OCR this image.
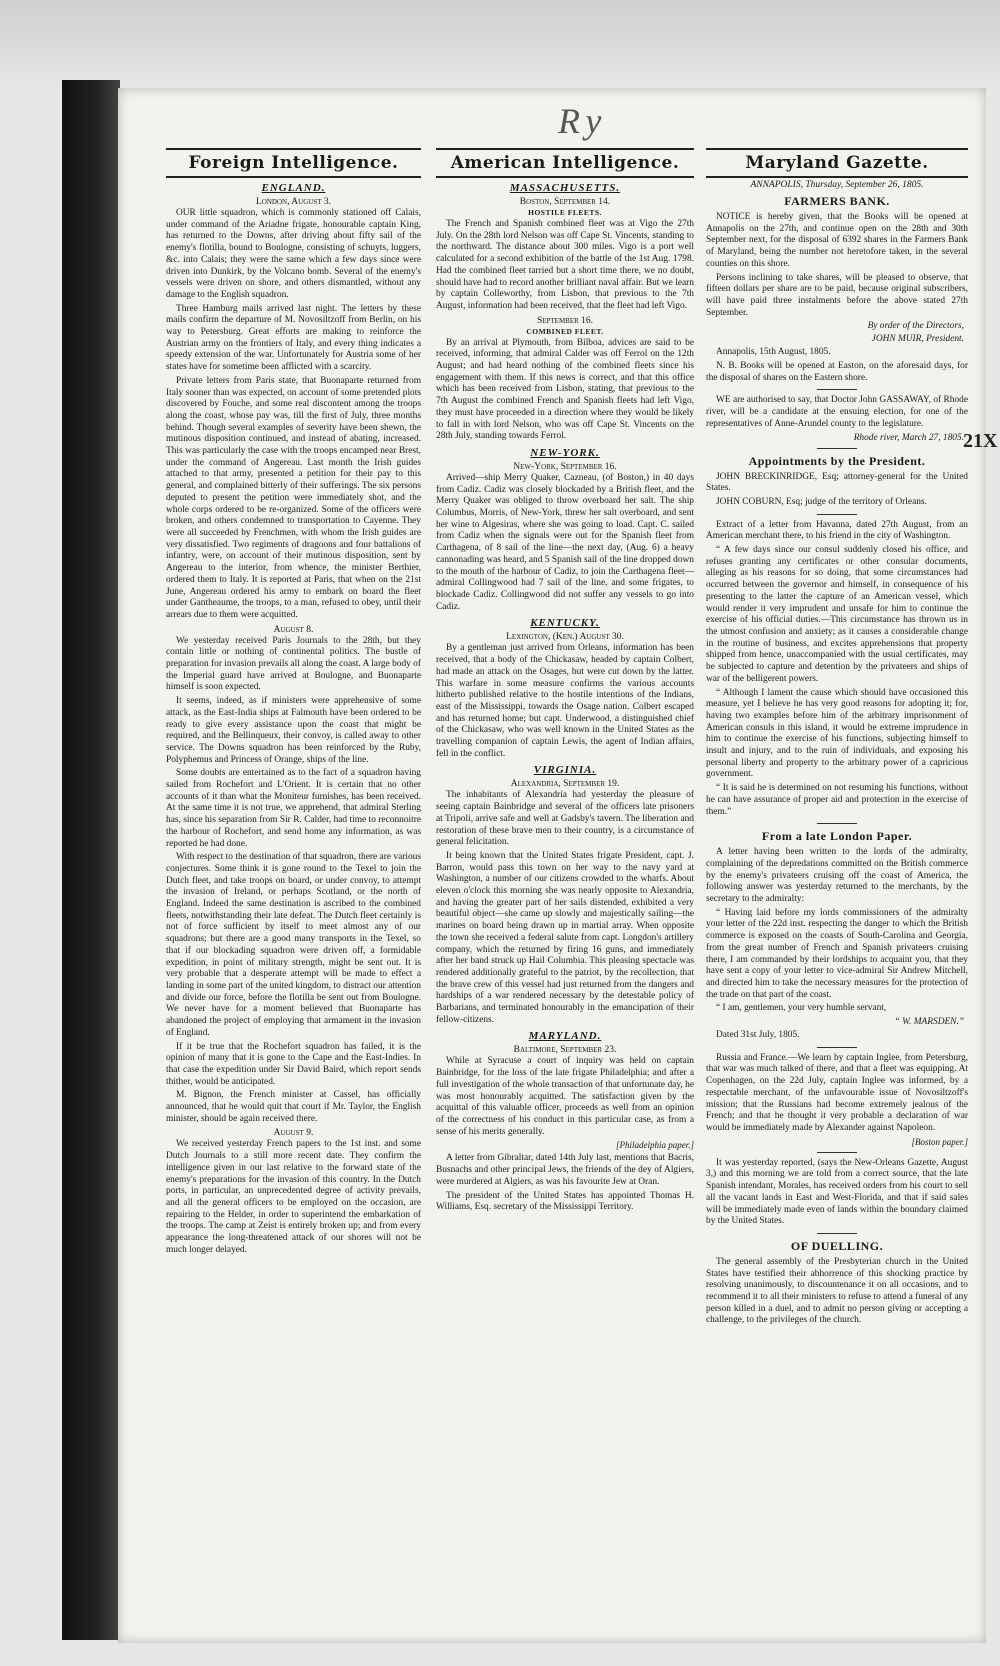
Ry
21X
Foreign Intelligence.
ENGLAND.
London, August 3.

OUR little squadron, which is commonly stationed off Calais, under command of the Ariadne frigate, honourable captain King, has returned to the Downs, after driving about fifty sail of the enemy's flotilla, bound to Boulogne, consisting of schuyts, luggers, &c. into Calais; they were the same which a few days since were driven into Dunkirk, by the Volcano bomb. Several of the enemy's vessels were driven on shore, and others dismantled, without any damage to the English squadron.

Three Hamburg mails arrived last night. The letters by these mails confirm the departure of M. Novosiltzoff from Berlin, on his way to Petersburg. Great efforts are making to reinforce the Austrian army on the frontiers of Italy, and every thing indicates a speedy extension of the war. Unfortunately for Austria some of her states have for sometime been afflicted with a scarcity.

Private letters from Paris state, that Buonaparte returned from Italy sooner than was expected, on account of some pretended plots discovered by Fouche, and some real discontent among the troops along the coast, whose pay was, till the first of July, three months behind. Though several examples of severity have been shewn, the mutinous disposition continued, and instead of abating, increased. This was particularly the case with the troops encamped near Brest, under the command of Angereau. Last month the Irish guides attached to that army, presented a petition for their pay to this general, and complained bitterly of their sufferings. The six persons deputed to present the petition were immediately shot, and the whole corps ordered to be re-organized. Some of the officers were broken, and others condemned to transportation to Cayenne. They were all succeeded by Frenchmen, with whom the Irish guides are very dissatisfied. Two regiments of dragoons and four battalions of infantry, were, on account of their mutinous disposition, sent by Angereau to the interior, from whence, the minister Berthier, ordered them to Italy. It is reported at Paris, that when on the 21st June, Angereau ordered his army to embark on board the fleet under Gantheaume, the troops, to a man, refused to obey, until their arrears due to them were acquitted.

August 8.

We yesterday received Paris Journals to the 28th, but they contain little or nothing of continental politics. The bustle of preparation for invasion prevails all along the coast. A large body of the Imperial guard have arrived at Boulogne, and Buonaparte himself is soon expected.

It seems, indeed, as if ministers were apprehensive of some attack, as the East-India ships at Falmouth have been ordered to be ready to give every assistance upon the coast that might be required, and the Bellinqueux, their convoy, is called away to other service. The Downs squadron has been reinforced by the Ruby, Polyphemus and Princess of Orange, ships of the line.

Some doubts are entertained as to the fact of a squadron having sailed from Rochefort and L'Orient. It is certain that no other accounts of it than what the Moniteur furnishes, has been received. At the same time it is not true, we apprehend, that admiral Sterling has, since his separation from Sir R. Calder, had time to reconnoitre the harbour of Rochefort, and send home any information, as was reported he had done.

With respect to the destination of that squadron, there are various conjectures. Some think it is gone round to the Texel to join the Dutch fleet, and take troops on board, or under convoy, to attempt the invasion of Ireland, or perhaps Scotland, or the north of England. Indeed the same destination is ascribed to the combined fleets, notwithstanding their late defeat. The Dutch fleet certainly is not of force sufficient by itself to meet almost any of our squadrons; but there are a good many transports in the Texel, so that if our blockading squadron were driven off, a formidable expedition, in point of military strength, might be sent out. It is very probable that a desperate attempt will be made to effect a landing in some part of the united kingdom, to distract our attention and divide our force, before the flotilla be sent out from Boulogne. We never have for a moment believed that Buonaparte has abandoned the project of employing that armament in the invasion of England.

If it be true that the Rochefort squadron has failed, it is the opinion of many that it is gone to the Cape and the East-Indies. In that case the expedition under Sir David Baird, which report sends thither, would be anticipated.

M. Bignon, the French minister at Cassel, has officially announced, that he would quit that court if Mr. Taylor, the English minister, should be again received there.

August 9.

We received yesterday French papers to the 1st inst. and some Dutch Journals to a still more recent date. They confirm the intelligence given in our last relative to the forward state of the enemy's preparations for the invasion of this country. In the Dutch ports, in particular, an unprecedented degree of activity prevails, and all the general officers to be employed on the occasion, are repairing to the Helder, in order to superintend the embarkation of the troops. The camp at Zeist is entirely broken up; and from every appearance the long-threatened attack of our shores will not be much longer delayed.

American Intelligence.
MASSACHUSETTS.
Boston, September 14.
HOSTILE FLEETS.

The French and Spanish combined fleet was at Vigo the 27th July. On the 28th lord Nelson was off Cape St. Vincents, standing to the northward. The distance about 300 miles. Vigo is a port well calculated for a second exhibition of the battle of the 1st Aug. 1798. Had the combined fleet tarried but a short time there, we no doubt, should have had to record another brilliant naval affair. But we learn by captain Colleworthy, from Lisbon, that previous to the 7th August, information had been received, that the fleet had left Vigo.

September 16.
COMBINED FLEET.

By an arrival at Plymouth, from Bilboa, advices are said to be received, informing, that admiral Calder was off Ferrol on the 12th August; and had heard nothing of the combined fleets since his engagement with them. If this news is correct, and that this office which has been received from Lisbon, stating, that previous to the 7th August the combined French and Spanish fleets had left Vigo, they must have proceeded in a direction where they would be likely to fall in with lord Nelson, who was off Cape St. Vincents on the 28th July, standing towards Ferrol.

NEW-YORK.
New-York, September 16.

Arrived—ship Merry Quaker, Cazneau, (of Boston,) in 40 days from Cadiz. Cadiz was closely blockaded by a British fleet, and the Merry Quaker was obliged to throw overboard her salt. The ship Columbus, Morris, of New-York, threw her salt overboard, and sent her wine to Algesiras, where she was going to load. Capt. C. sailed from Cadiz when the signals were out for the Spanish fleet from Carthagena, of 8 sail of the line—the next day, (Aug. 6) a heavy cannonading was heard, and 5 Spanish sail of the line dropped down to the mouth of the harbour of Cadiz, to join the Carthagena fleet—admiral Collingwood had 7 sail of the line, and some frigates, to blockade Cadiz. Collingwood did not suffer any vessels to go into Cadiz.

KENTUCKY.
Lexington, (Ken.) August 30.

By a gentleman just arrived from Orleans, information has been received, that a body of the Chickasaw, headed by captain Colbert, had made an attack on the Osages, but were cut down by the latter. This warfare in some measure confirms the various accounts hitherto published relative to the hostile intentions of the Indians, east of the Mississippi, towards the Osage nation. Colbert escaped and has returned home; but capt. Underwood, a distinguished chief of the Chickasaw, who was well known in the United States as the travelling companion of captain Lewis, the agent of Indian affairs, fell in the conflict.

VIRGINIA.
Alexandria, September 19.

The inhabitants of Alexandria had yesterday the pleasure of seeing captain Bainbridge and several of the officers late prisoners at Tripoli, arrive safe and well at Gadsby's tavern. The liberation and restoration of these brave men to their country, is a circumstance of general felicitation.

It being known that the United States frigate President, capt. J. Barron, would pass this town on her way to the navy yard at Washington, a number of our citizens crowded to the wharfs. About eleven o'clock this morning she was nearly opposite to Alexandria, and having the greater part of her sails distended, exhibited a very beautiful object—she came up slowly and majestically sailing—the marines on board being drawn up in martial array. When opposite the town she received a federal salute from capt. Longdon's artillery company, which the returned by firing 16 guns, and immediately after her band struck up Hail Columbia. This pleasing spectacle was rendered additionally grateful to the patriot, by the recollection, that the brave crew of this vessel had just returned from the dangers and hardships of a war rendered necessary by the detestable policy of Barbarians, and terminated honourably in the emancipation of their fellow-citizens.

MARYLAND.
Baltimore, September 23.

While at Syracuse a court of inquiry was held on captain Bainbridge, for the loss of the late frigate Philadelphia; and after a full investigation of the whole transaction of that unfortunate day, he was most honourably acquitted. The satisfaction given by the acquittal of this valuable officer, proceeds as well from an opinion of the correctness of his conduct in this particular case, as from a sense of his merits generally.

[Philadelphia paper.]

A letter from Gibraltar, dated 14th July last, mentions that Bacris, Busnachs and other principal Jews, the friends of the dey of Algiers, were murdered at Algiers, as was his favourite Jew at Oran.

The president of the United States has appointed Thomas H. Williams, Esq. secretary of the Mississippi Territory.

Maryland Gazette.
ANNAPOLIS, Thursday, September 26, 1805.
FARMERS BANK.

NOTICE is hereby given, that the Books will be opened at Annapolis on the 27th, and continue open on the 28th and 30th September next, for the disposal of 6392 shares in the Farmers Bank of Maryland, being the number not heretofore taken, in the several counties on this shore.

Persons inclining to take shares, will be pleased to observe, that fifteen dollars per share are to be paid, because original subscribers, will have paid three instalments before the above stated 27th September.

By order of the Directors,
JOHN MUIR, President.

Annapolis, 15th August, 1805.

N. B. Books will be opened at Easton, on the aforesaid days, for the disposal of shares on the Eastern shore.

WE are authorised to say, that Doctor John GASSAWAY, of Rhode river, will be a candidate at the ensuing election, for one of the representatives of Anne-Arundel county to the legislature.

Rhode river, March 27, 1805.
Appointments by the President.

JOHN BRECKINRIDGE, Esq; attorney-general for the United States.

JOHN COBURN, Esq; judge of the territory of Orleans.

Extract of a letter from Havanna, dated 27th August, from an American merchant there, to his friend in the city of Washington.

“ A few days since our consul suddenly closed his office, and refuses granting any certificates or other consular documents, alleging as his reasons for so doing, that some circumstances had occurred between the governor and himself, in consequence of his presenting to the latter the capture of an American vessel, which would render it very imprudent and unsafe for him to continue the exercise of his official duties.—This circumstance has thrown us in the utmost confusion and anxiety; as it causes a considerable change in the routine of business, and excites apprehensions that property shipped from hence, unaccompanied with the usual certificates, may be subjected to capture and detention by the privateers and ships of war of the belligerent powers.

“ Although I lament the cause which should have occasioned this measure, yet I believe he has very good reasons for adopting it; for, having two examples before him of the arbitrary imprisonment of American consuls in this island, it would be extreme imprudence in him to continue the exercise of his functions, subjecting himself to insult and injury, and to the ruin of individuals, and exposing his personal liberty and property to the arbitrary power of a capricious government.

“ It is said he is determined on not resuming his functions, without he can have assurance of proper aid and protection in the exercise of them.”

From a late London Paper.

A letter having been written to the lords of the admiralty, complaining of the depredations committed on the British commerce by the enemy's privateers cruising off the coast of America, the following answer was yesterday returned to the merchants, by the secretary to the admiralty:

“ Having laid before my lords commissioners of the admiralty your letter of the 22d inst. respecting the danger to which the British commerce is exposed on the coasts of South-Carolina and Georgia, from the great number of French and Spanish privateers cruising there, I am commanded by their lordships to acquaint you, that they have sent a copy of your letter to vice-admiral Sir Andrew Mitchell, and directed him to take the necessary measures for the protection of the trade on that part of the coast.

“ I am, gentlemen, your very humble servant,

“ W. MARSDEN.”

Dated 31st July, 1805.

Russia and France.—We learn by captain Inglee, from Petersburg, that war was much talked of there, and that a fleet was equipping. At Copenhagen, on the 22d July, captain Inglee was informed, by a respectable merchant, of the unfavourable issue of Novosiltzoff's mission; that the Russians had become extremely jealous of the French; and that he thought it very probable a declaration of war would be immediately made by Alexander against Napoleon.

[Boston paper.]

It was yesterday reported, (says the New-Orleans Gazette, August 3,) and this morning we are told from a correct source, that the late Spanish intendant, Morales, has received orders from his court to sell all the vacant lands in East and West-Florida, and that if said sales will be immediately made even of lands within the boundary claimed by the United States.

OF DUELLING.

The general assembly of the Presbyterian church in the United States have testified their abhorrence of this shocking practice by resolving unanimously, to discountenance it on all occasions, and to recommend it to all their ministers to refuse to attend a funeral of any person killed in a duel, and to admit no person giving or accepting a challenge, to the privileges of the church.
